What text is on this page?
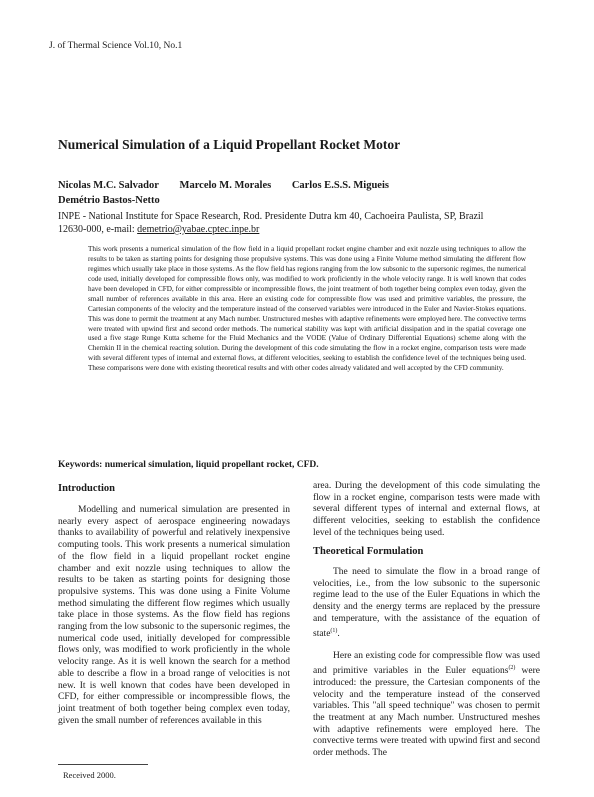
J. of Thermal Science Vol.10, No.1
Numerical Simulation of a Liquid Propellant Rocket Motor
Nicolas M.C. Salvador Marcelo M. Morales Carlos E.S.S. Migueis
Demétrio Bastos-Netto
INPE - National Institute for Space Research, Rod. Presidente Dutra km 40, Cachoeira Paulista, SP, Brazil
12630-000, e-mail: demetrio@yabae.cptec.inpe.br

This work presents a numerical simulation of the flow field in a liquid propellant rocket engine chamber and exit nozzle using techniques to allow the results to be taken as starting points for designing those propulsive systems. This was done using a Finite Volume method simulating the different flow regimes which usually take place in those systems. As the flow field has regions ranging from the low subsonic to the supersonic regimes, the numerical code used, initially developed for compressible flows only, was modified to work proficiently in the whole velocity range. It is well known that codes have been developed in CFD, for either compressible or incompressible flows, the joint treatment of both together being complex even today, given the small number of references available in this area. Here an existing code for compressible flow was used and primitive variables, the pressure, the Cartesian components of the velocity and the temperature instead of the conserved variables were introduced in the Euler and Navier-Stokes equations. This was done to permit the treatment at any Mach number. Unstructured meshes with adaptive refinements were employed here. The convective terms were treated with upwind first and second order methods. The numerical stability was kept with artificial dissipation and in the spatial coverage one used a five stage Runge Kutta scheme for the Fluid Mechanics and the VODE (Value of Ordinary Differential Equations) scheme along with the Chemkin II in the chemical reacting solution. During the development of this code simulating the flow in a rocket engine, comparison tests were made with several different types of internal and external flows, at different velocities, seeking to establish the confidence level of the techniques being used. These comparisons were done with existing theoretical results and with other codes already validated and well accepted by the CFD community.

Keywords: numerical simulation, liquid propellant rocket, CFD.
Introduction

Modelling and numerical simulation are presented in nearly every aspect of aerospace engineering nowadays thanks to availability of powerful and relatively inexpensive computing tools. This work presents a numerical simulation of the flow field in a liquid propellant rocket engine chamber and exit nozzle using techniques to allow the results to be taken as starting points for designing those propulsive systems. This was done using a Finite Volume method simulating the different flow regimes which usually take place in those systems. As the flow field has regions ranging from the low subsonic to the supersonic regimes, the numerical code used, initially developed for compressible flows only, was modified to work proficiently in the whole velocity range. As it is well known the search for a method able to describe a flow in a broad range of velocities is not new. It is well known that codes have been developed in CFD, for either compressible or incompressible flows, the joint treatment of both together being complex even today, given the small number of references available in this

area. During the development of this code simulating the flow in a rocket engine, comparison tests were made with several different types of internal and external flows, at different velocities, seeking to establish the confidence level of the techniques being used.

Theoretical Formulation

The need to simulate the flow in a broad range of velocities, i.e., from the low subsonic to the supersonic regime lead to the use of the Euler Equations in which the density and the energy terms are replaced by the pressure and temperature, with the assistance of the equation of state$^{(1)}$.

Here an existing code for compressible flow was used and primitive variables in the Euler equations$^{(2)}$ were introduced: the pressure, the Cartesian components of the velocity and the temperature instead of the conserved variables. This "all speed technique" was chosen to permit the treatment at any Mach number. Unstructured meshes with adaptive refinements were employed here. The convective terms were treated with upwind first and second order methods. The

Received 2000.
